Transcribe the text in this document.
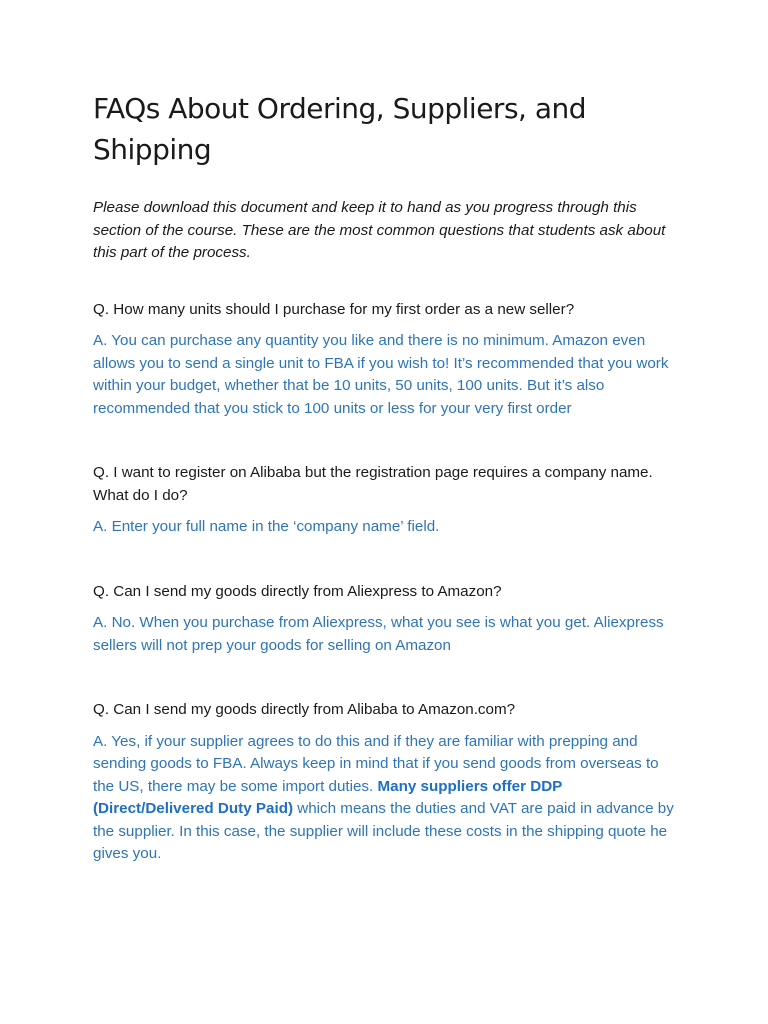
FAQs About Ordering, Suppliers, and Shipping
Please download this document and keep it to hand as you progress through this section of the course. These are the most common questions that students ask about this part of the process.
Q. How many units should I purchase for my first order as a new seller?
A. You can purchase any quantity you like and there is no minimum. Amazon even allows you to send a single unit to FBA if you wish to! It’s recommended that you work within your budget, whether that be 10 units, 50 units, 100 units. But it’s also recommended that you stick to 100 units or less for your very first order
Q. I want to register on Alibaba but the registration page requires a company name. What do I do?
A. Enter your full name in the ‘company name’ field.
Q. Can I send my goods directly from Aliexpress to Amazon?
A. No. When you purchase from Aliexpress, what you see is what you get. Aliexpress sellers will not prep your goods for selling on Amazon
Q. Can I send my goods directly from Alibaba to Amazon.com?
A. Yes, if your supplier agrees to do this and if they are familiar with prepping and sending goods to FBA. Always keep in mind that if you send goods from overseas to the US, there may be some import duties. Many suppliers offer DDP (Direct/Delivered Duty Paid) which means the duties and VAT are paid in advance by the supplier. In this case, the supplier will include these costs in the shipping quote he gives you.
